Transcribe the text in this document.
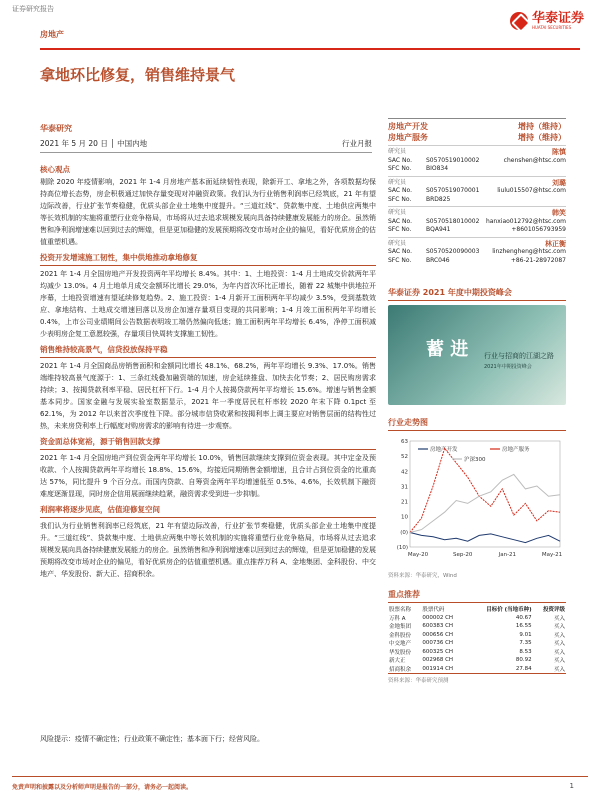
证券研究报告
华泰证券
HUATAI SECURITIES
房地产
拿地环比修复，销售维持景气
华泰研究
2021 年 5 月 20 日 │ 中国内地	行业月报
核心观点

剔除 2020 年疫情影响，2021 年 1-4 月房地产基本面延续韧性表现，除新开工、拿地之外，各项数据均保持高位增长态势，房企积极通过加快存量变现对冲融资政策。我们认为行业销售利润率已经筑底，21 年有望边际改善，行业扩张节奏稳健，优质头部企业土地集中度提升。“三道红线”、贷款集中度、土地供应两集中等长效机制的实施将重塑行业竞争格局，市场将从过去追求规模发展向具备持续健康发展能力的房企。虽然销售和净利润增速难以回到过去的辉煌，但是更加稳健的发展预期将改变市场对企业的偏见，看好优质房企的估值重塑机遇。

投资开发增速施工韧性，集中供地推动拿地修复

2021 年 1-4 月全国房地产开发投资两年平均增长 8.4%。其中：1、土地投资：1-4 月土地成交价款两年平均减少 13.0%。4 月土地单月成交金额环比增长 29.0%，为年内首次环比正增长，随着 22 城集中供地拉开序幕，土地投资增速有望延续修复趋势。2、施工投资：1-4 月新开工面积两年平均减少 3.5%，受到基数效应、拿地结构、土地成交增速回落以及房企加速存量项目变现的共同影响；1-4 月竣工面积两年平均增长 0.4%，上市公司业绩期间公告数据表明竣工端仍然偏向低迷；施工面积两年平均增长 6.4%，净停工面积减少表明房企复工意愿较强，存量项目快周转支撑施工韧性。

销售维持较高景气，信贷投放保持平稳

2021 年 1-4 月全国商品房销售面积和金额同比增长 48.1%、68.2%，两年平均增长 9.3%、17.0%。销售端维持较高景气度源于：1、三条红线叠加融资端的加速，房企延续推盘、加快去化节奏；2、居民购房需求持续；3、按揭贷款利率平稳、居民杠杆下行。1-4 月个人按揭贷款两年平均增长 15.6%。增速与销售金额基本同步。国家金融与发展实验室数据显示，2021 年一季度居民杠杆率较 2020 年末下降 0.1pct 至 62.1%，为 2012 年以来首次季度性下降。部分城市信贷收紧和按揭利率上调主要应对销售层面的结构性过热，未来房贷利率上行幅度对购房需求的影响有待进一步观察。

资金面总体宽裕，源于销售回款支撑

2021 年 1-4 月全国房地产到位资金两年平均增长 10.0%，销售回款继续支撑到位资金表现。其中定金及预收款、个人按揭贷款两年平均增长 18.8%、15.6%，均接近同期销售金额增速，且合计占到位资金的比重高达 57%，同比提升 9 个百分点。而国内贷款、自筹资金两年平均增速低至 0.5%、4.6%，长效机制下融资难度逐渐显现，同时房企信用展面继续趋紧，融资需求受到进一步抑制。

利润率将逐步见底，估值迎修复空间

我们认为行业销售利润率已经筑底，21 年有望边际改善，行业扩张节奏稳健，优质头部企业土地集中度提升。“三道红线”、贷款集中度、土地供应两集中等长效机制的实施将重塑行业竞争格局，市场将从过去追求规模发展向具备持续健康发展能力的房企。虽然销售和净利润增速难以回到过去的辉煌，但是更加稳健的发展预期将改变市场对企业的偏见，看好优质房企的估值重塑机遇。重点推荐万科 A、金地集团、金科股份、中交地产、华发股份、新大正、招商积余。

房地产开发	增持（维持）
房地产服务	增持（维持）
陈慎
研究员
SAC No.	S0570519010002	chenshen@htsc.com
SFC No.	BIO834
刘璐
研究员
SAC No.	S0570519070001	liulu015507@htsc.com
SFC No.	BRD825
韩笑
研究员
SAC No.	S0570518010002	hanxiao012792@htsc.com
SFC No.	BQA941	+8601056793959
林正衡
研究员
SAC No.	S0570520090003	linzhengheng@htsc.com
SFC No.	BRC046	+86-21-28972087
华泰证券 2021 年度中期投资峰会
蓄 进 行业与招商的江湖之路
2021年中期投资峰会
行业走势图
63
52
42
31
21
10
(0)
(10)
May-20	Sep-20	Jan-21	May-21
房地产开发	房地产服务
沪深300
资料来源：华泰研究，Wind
重点推荐
股票名称	股票代码	目标价 (当地币种)	投资评级
万科 A	000002 CH	40.67	买入
金地集团	600383 CH	16.55	买入
金科股份	000656 CH	9.01	买入
中交地产	000736 CH	7.35	买入
华发股份	600325 CH	8.53	买入
新大正	002968 CH	80.92	买入
招商积余	001914 CH	27.84	买入
资料来源：华泰研究预测
风险提示：疫情不确定性；行业政策不确定性；基本面下行；经营风险。
免责声明和披露以及分析师声明是报告的一部分，请务必一起阅读。	1
